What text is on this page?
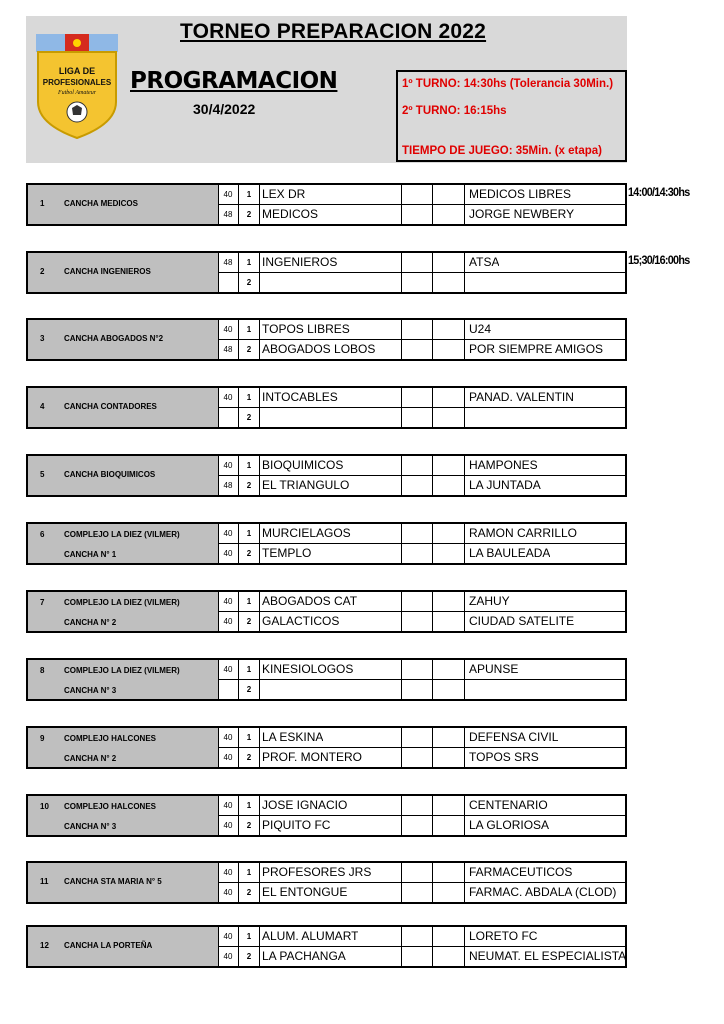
TORNEO PREPARACION 2022
LIGA DE
PROFESIONALES
Futbol Amateur PROGRAMACION
30/4/2022
1º TURNO: 14:30hs (Tolerancia 30Min.)
2º TURNO: 16:15hs
TIEMPO DE JUEGO: 35Min. (x etapa)
14:00/14:30hs
15;30/16:00hs
1 CANCHA MEDICOS
40	1 LEX DR	MEDICOS LIBRES
48	2 MEDICOS	JORGE NEWBERY
2 CANCHA INGENIEROS
48	1 INGENIEROS	ATSA
2
3 CANCHA ABOGADOS N°2
40	1 TOPOS LIBRES	U24
48	2 ABOGADOS LOBOS	POR SIEMPRE AMIGOS
4 CANCHA CONTADORES
40	1 INTOCABLES	PANAD. VALENTIN
2
5 CANCHA BIOQUIMICOS
40	1 BIOQUIMICOS	HAMPONES
48	2 EL TRIANGULO	LA JUNTADA
6 COMPLEJO LA DIEZ (VILMER)
CANCHA N° 1
40	1 MURCIELAGOS	RAMON CARRILLO
40	2 TEMPLO	LA BAULEADA
7 COMPLEJO LA DIEZ (VILMER)
CANCHA N° 2
40	1 ABOGADOS CAT	ZAHUY
40	2 GALACTICOS	CIUDAD SATELITE
8 COMPLEJO LA DIEZ (VILMER)
CANCHA N° 3
40	1 KINESIOLOGOS	APUNSE
2
9 COMPLEJO HALCONES
CANCHA N° 2
40	1 LA ESKINA	DEFENSA CIVIL
40	2 PROF. MONTERO	TOPOS SRS
10 COMPLEJO HALCONES
CANCHA N° 3
40	1 JOSE IGNACIO	CENTENARIO
40	2 PIQUITO FC	LA GLORIOSA
11 CANCHA STA MARIA N° 5
40	1 PROFESORES JRS	FARMACEUTICOS
40	2 EL ENTONGUE	FARMAC. ABDALA (CLOD)
12 CANCHA LA PORTEÑA
40	1 ALUM. ALUMART	LORETO FC
40	2 LA PACHANGA	NEUMAT. EL ESPECIALISTA
